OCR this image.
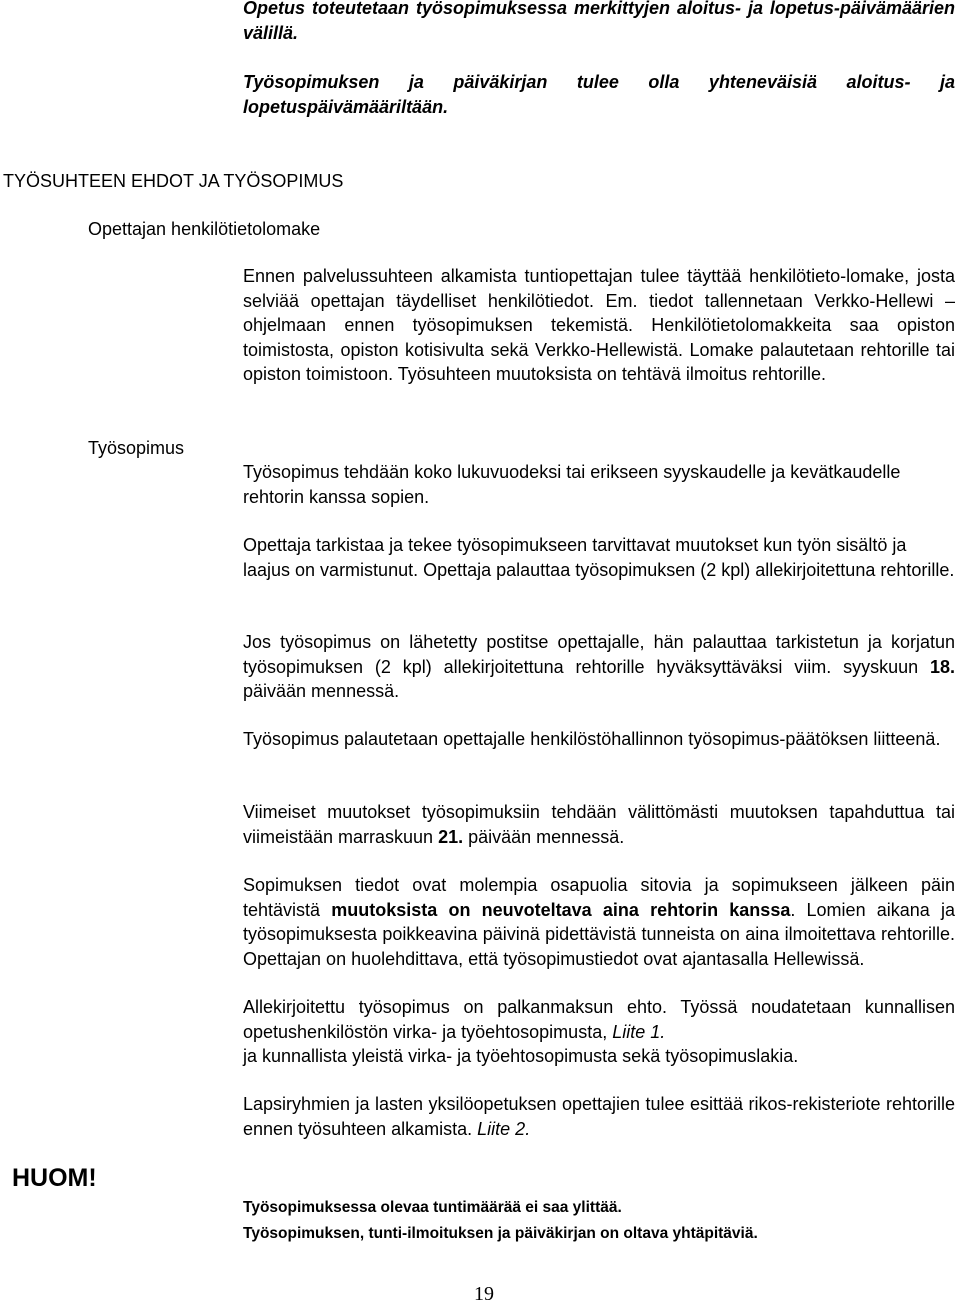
Opetus toteutetaan työsopimuksessa merkittyjen aloitus- ja lopetus-päivämäärien välillä.
Työsopimuksen ja päiväkirjan tulee olla yhteneväisiä aloitus- ja lopetuspäivämääriltään.
TYÖSUHTEEN EHDOT JA TYÖSOPIMUS
Opettajan henkilötietolomake
Ennen palvelussuhteen alkamista tuntiopettajan tulee täyttää henkilötieto-lomake, josta selviää opettajan täydelliset henkilötiedot. Em. tiedot tallennetaan Verkko-Hellewi –ohjelmaan ennen työsopimuksen tekemistä. Henkilötietolomakkeita saa opiston toimistosta, opiston kotisivulta sekä Verkko-Hellewistä. Lomake palautetaan rehtorille tai opiston toimistoon. Työsuhteen muutoksista on tehtävä ilmoitus rehtorille.
Työsopimus
Työsopimus tehdään koko lukuvuodeksi tai erikseen syyskaudelle ja kevätkaudelle rehtorin kanssa sopien.
Opettaja tarkistaa ja tekee työsopimukseen tarvittavat muutokset kun työn sisältö ja laajus on varmistunut. Opettaja palauttaa työsopimuksen (2 kpl) allekirjoitettuna rehtorille.
Jos työsopimus on lähetetty postitse opettajalle, hän palauttaa tarkistetun ja korjatun työsopimuksen (2 kpl) allekirjoitettuna rehtorille hyväksyttäväksi viim. syyskuun 18. päivään mennessä.
Työsopimus palautetaan opettajalle henkilöstöhallinnon työsopimus-päätöksen liitteenä.
Viimeiset muutokset työsopimuksiin tehdään välittömästi muutoksen tapahduttua tai viimeistään marraskuun 21. päivään mennessä.
Sopimuksen tiedot ovat molempia osapuolia sitovia ja sopimukseen jälkeen päin tehtävistä muutoksista on neuvoteltava aina rehtorin kanssa. Lomien aikana ja työsopimuksesta poikkeavina päivinä pidettävistä tunneista on aina ilmoitettava rehtorille. Opettajan on huolehdittava, että työsopimustiedot ovat ajantasalla Hellewissä.
Allekirjoitettu työsopimus on palkanmaksun ehto. Työssä noudatetaan kunnallisen opetushenkilöstön virka- ja työehtosopimusta, Liite 1.
ja kunnallista yleistä virka- ja työehtosopimusta sekä työsopimuslakia.
Lapsiryhmien ja lasten yksilöopetuksen opettajien tulee esittää rikos-rekisteriote rehtorille ennen työsuhteen alkamista. Liite 2.
HUOM!
Työsopimuksessa olevaa tuntimäärää ei saa ylittää.
Työsopimuksen, tunti-ilmoituksen ja päiväkirjan on oltava yhtäpitäviä.
19
